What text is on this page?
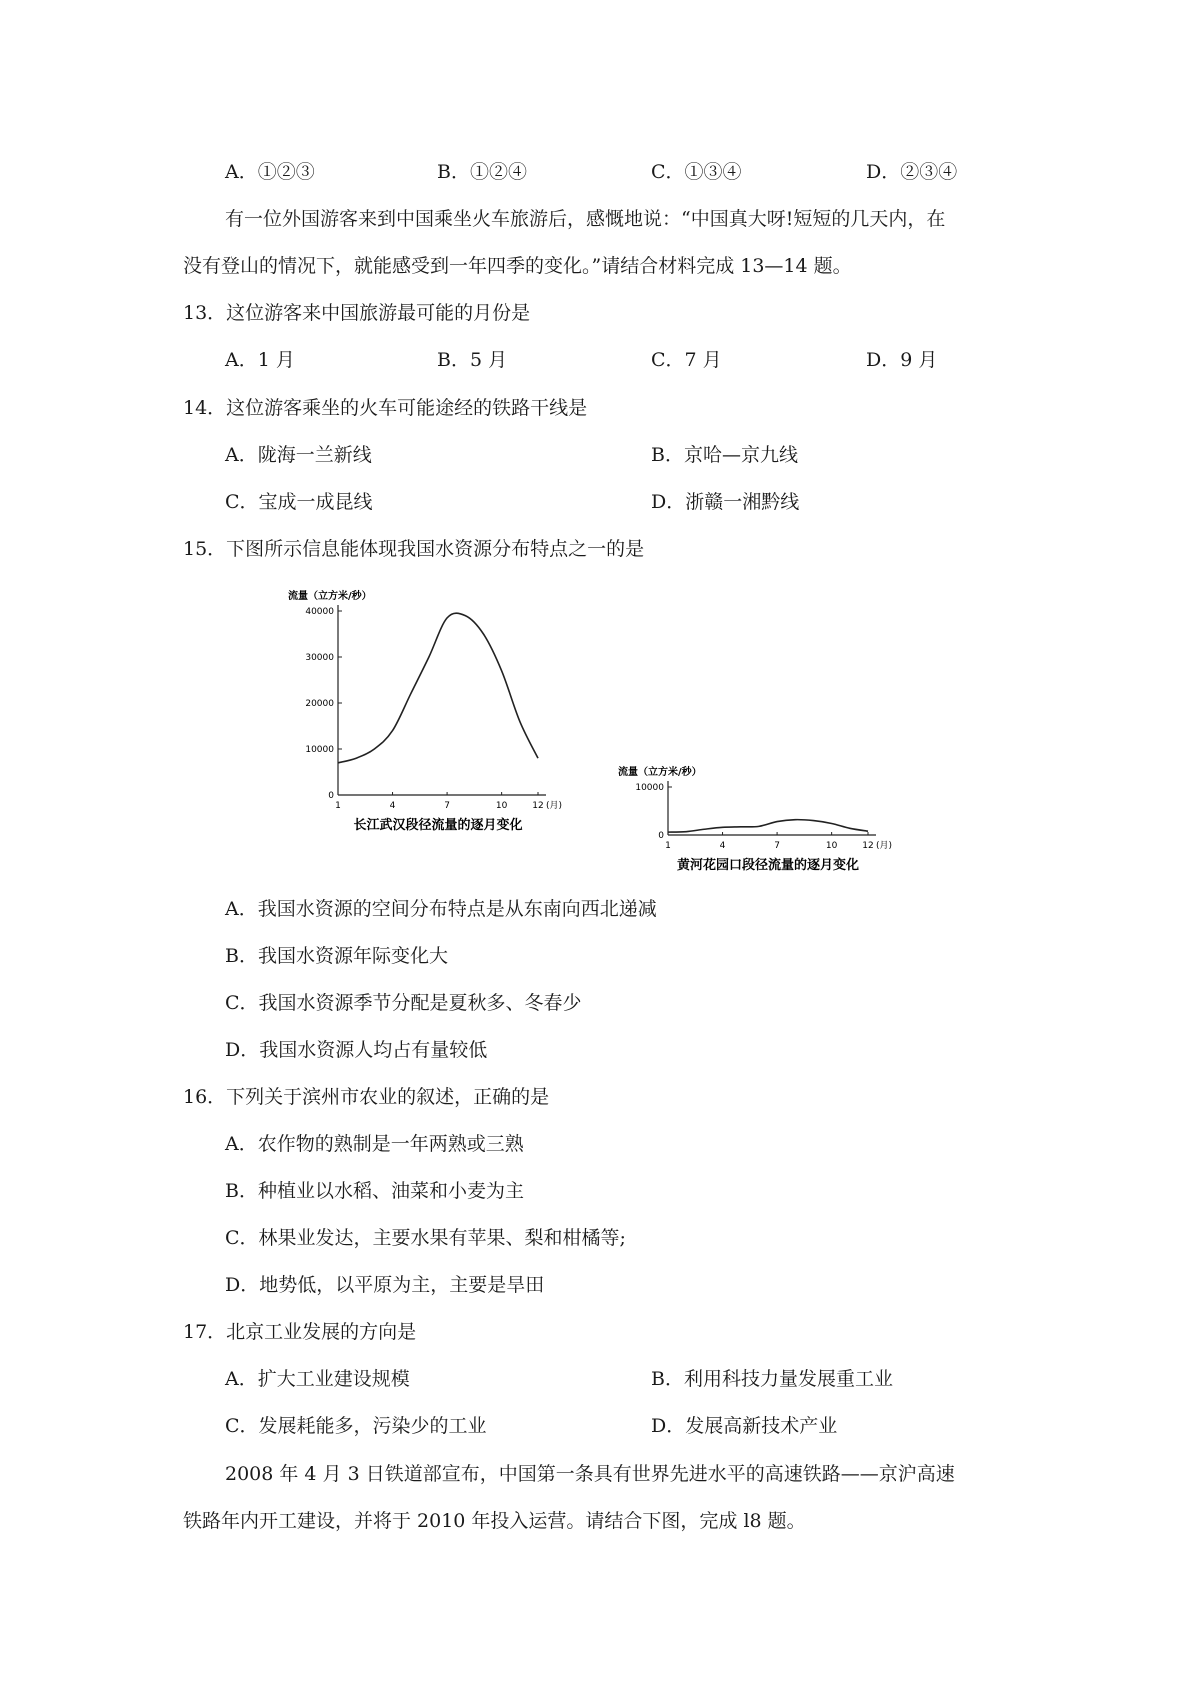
A．①②③	B．①②④	C．①③④	D．②③④
有一位外国游客来到中国乘坐火车旅游后，感慨地说：“中国真大呀!短短的几天内，在
没有登山的情况下，就能感受到一年四季的变化。”请结合材料完成 13—14 题。
13．这位游客来中国旅游最可能的月份是
A．1 月	B．5 月	C．7 月	D．9 月
14．这位游客乘坐的火车可能途经的铁路干线是
A．陇海一兰新线	B．京哈—京九线
C．宝成一成昆线	D．浙赣一湘黔线
15．下图所示信息能体现我国水资源分布特点之一的是
流量（立方米/秒）
40000
30000
20000
10000
0
1	4	7	10	12 (月)
长江武汉段径流量的逐月变化
流量（立方米/秒）
10000
0
1	4	7	10	12 (月)
黄河花园口段径流量的逐月变化
A．我国水资源的空间分布特点是从东南向西北递减
B．我国水资源年际变化大
C．我国水资源季节分配是夏秋多、冬春少
D．我国水资源人均占有量较低
16．下列关于滨州市农业的叙述，正确的是
A．农作物的熟制是一年两熟或三熟
B．种植业以水稻、油菜和小麦为主
C．林果业发达，主要水果有苹果、梨和柑橘等;
D．地势低，以平原为主，主要是旱田
17．北京工业发展的方向是
A．扩大工业建设规模	B．利用科技力量发展重工业
C．发展耗能多，污染少的工业	D．发展高新技术产业
2008 年 4 月 3 日铁道部宣布，中国第一条具有世界先进水平的高速铁路——京沪高速
铁路年内开工建设，并将于 2010 年投入运营。请结合下图，完成 l8 题。
